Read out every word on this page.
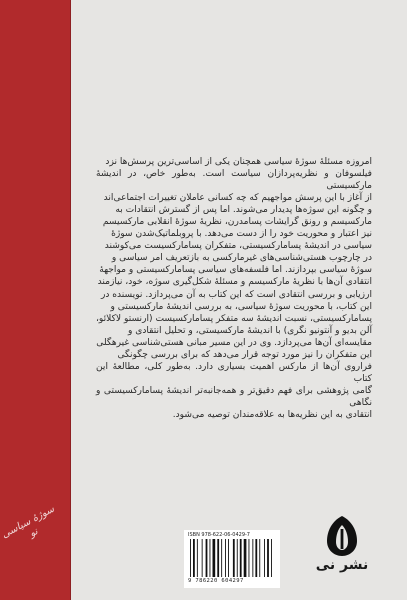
سوژهٔ سیاسی نو

امروزه مسئلهٔ سوژهٔ سیاسی همچنان یکی از اساسی‌ترین پرسش‌ها نزد

فیلسوفان و نظریه‌پردازان سیاست است. به‌طور خاص، در اندیشهٔ مارکسیستی

از آغاز با این پرسش مواجهیم که چه کسانی عاملان تغییرات اجتماعی‌اند

و چگونه این سوژه‌ها پدیدار می‌شوند. اما پس از گسترش انتقادات به

مارکسیسم و رونق گرایشات پسامدرن، نظریهٔ سوژهٔ انقلابی مارکسیسم

نیز اعتبار و محوریت خود را از دست می‌دهد. با پروبلماتیک‌شدن سوژهٔ

سیاسی در اندیشهٔ پسامارکسیستی، متفکران پسامارکسیست می‌کوشند

در چارچوب هستی‌شناسی‌های غیرمارکسی به بازتعریف امر سیاسی و

سوژهٔ سیاسی بپردازند. اما فلسفه‌های سیاسی پسامارکسیستی و مواجههٔ

انتقادی آن‌ها با نظریهٔ مارکسیسم و مسئلهٔ شکل‌گیری سوژه، خود، نیازمند

ارزیابی و بررسی انتقادی است که این کتاب به آن می‌پردازد. نویسنده در

این کتاب، با محوریت سوژهٔ سیاسی، به بررسی اندیشهٔ مارکسیستی و

پسامارکسیستی، نسبت اندیشهٔ سه متفکر پسامارکسیست (ارنستو لاکلائو،

آلن بدیو و آنتونیو نگری) با اندیشهٔ مارکسیستی، و تحلیل انتقادی و

مقایسه‌ای آن‌ها می‌پردازد. وی در این مسیر مبانی هستی‌شناسی غیرهگلی

این متفکران را نیز مورد توجه قرار می‌دهد که برای بررسی چگونگی

فراروی آن‌ها از مارکس اهمیت بسیاری دارد. به‌طور کلی، مطالعهٔ این کتاب

گامی پژوهشی برای فهم دقیق‌تر و همه‌جانبه‌تر اندیشهٔ پسامارکسیستی و نگاهی

انتقادی به این نظریه‌ها به علاقه‌مندان توصیه می‌شود.

ISBN 978-622-06-0429-7
9 786220 604297
نشر نی
